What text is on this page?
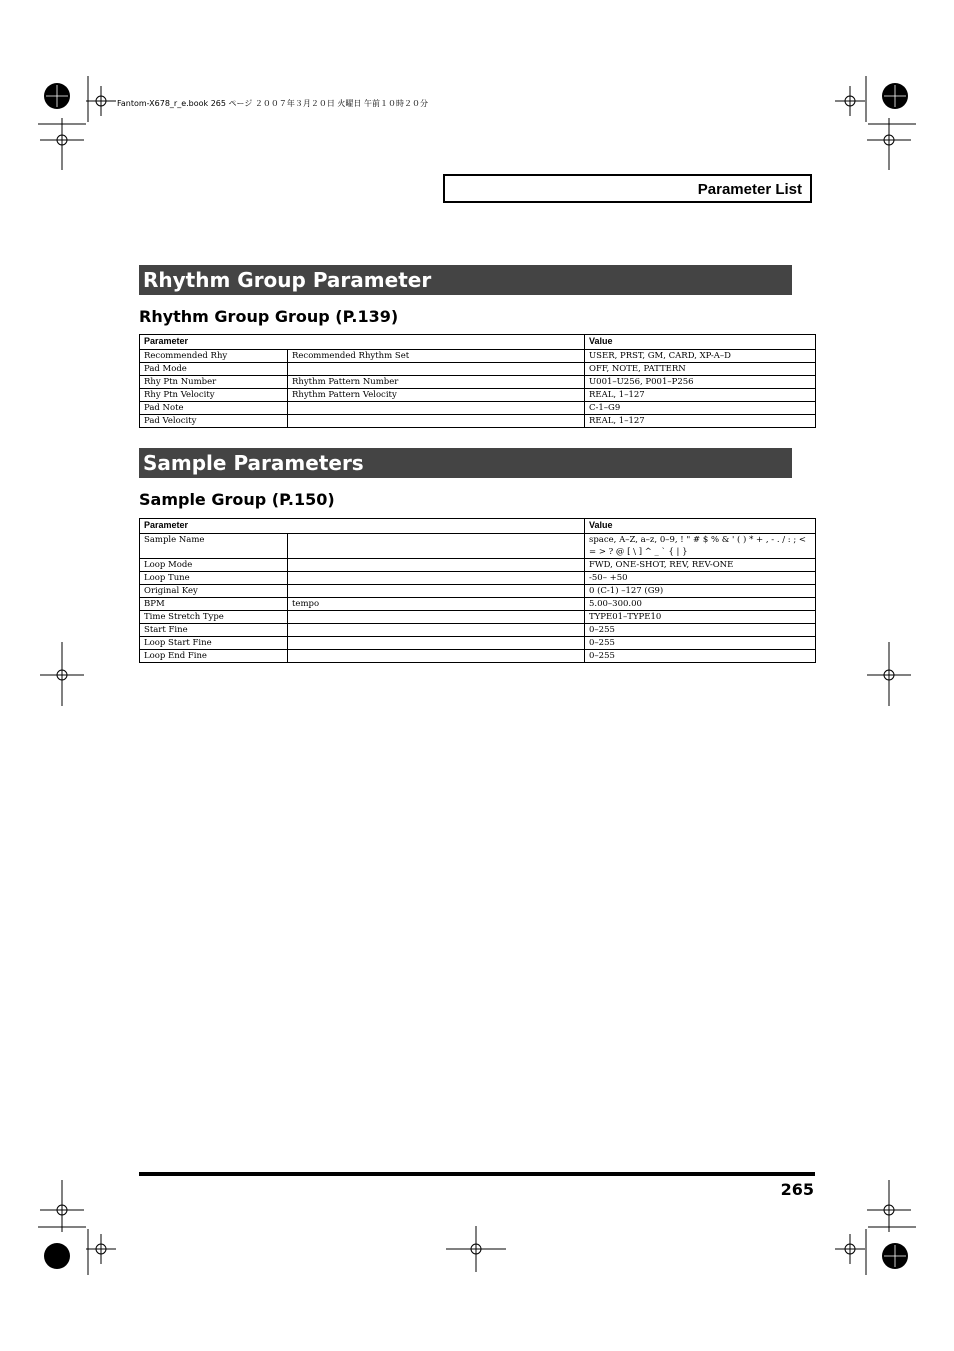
Fantom-X678_r_e.book 265 ページ ２００７年３月２０日 火曜日 午前１０時２０分
Parameter List
Rhythm Group Parameter
Rhythm Group Group (P.139)
Parameter		Value
Recommended Rhy	Recommended Rhythm Set	USER, PRST, GM, CARD, XP-A–D
Pad Mode		OFF, NOTE, PATTERN
Rhy Ptn Number	Rhythm Pattern Number	U001–U256, P001–P256
Rhy Ptn Velocity	Rhythm Pattern Velocity	REAL, 1–127
Pad Note		C-1–G9
Pad Velocity		REAL, 1–127
Sample Parameters
Sample Group (P.150)
Parameter		Value
Sample Name		space, A–Z, a–z, 0–9, ! " # $ % & ' ( ) * + , - . / : ; < = > ? @ [ \ ] ^ _ ` { | }
Loop Mode		FWD, ONE-SHOT, REV, REV-ONE
Loop Tune		-50– +50
Original Key		0 (C-1) –127 (G9)
BPM	tempo	5.00–300.00
Time Stretch Type		TYPE01–TYPE10
Start Fine		0–255
Loop Start Fine		0–255
Loop End Fine		0–255
265
